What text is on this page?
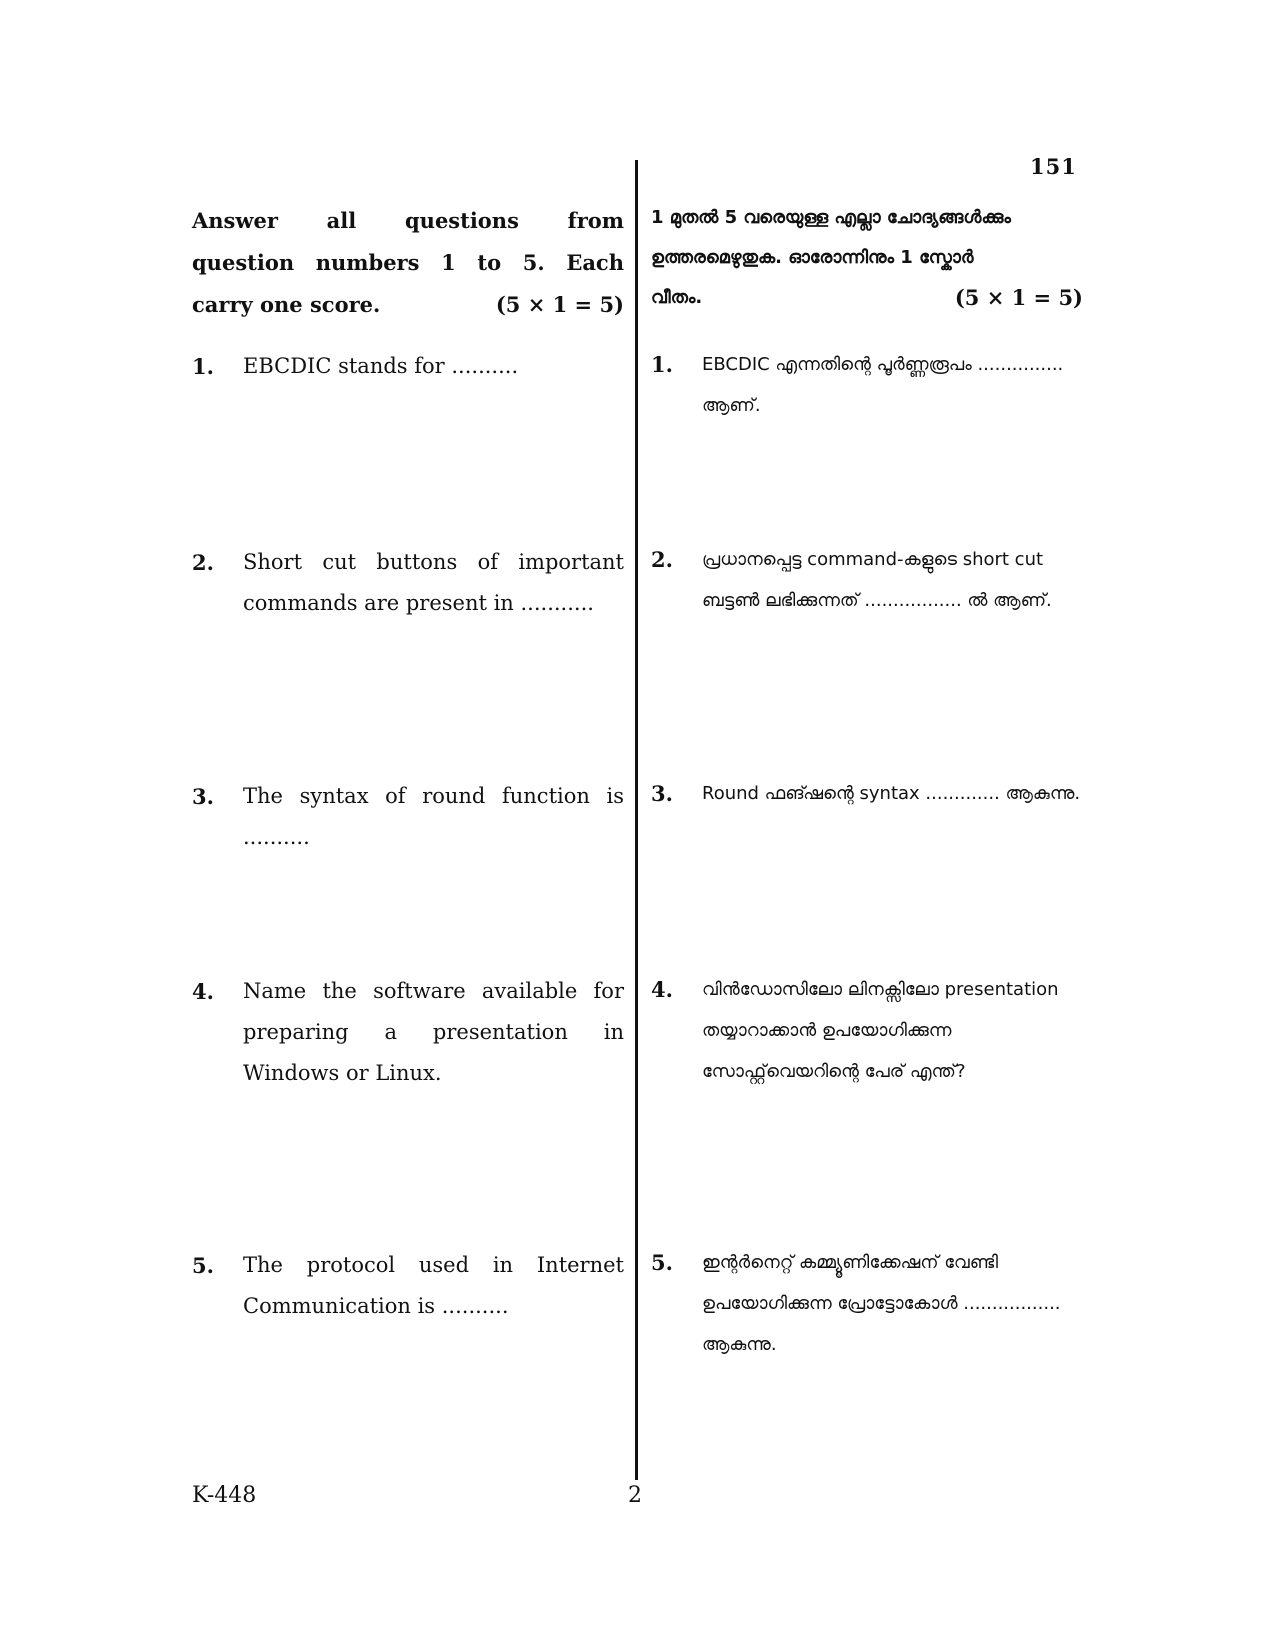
151
Answer all questions from
question numbers 1 to 5. Each
carry one score.	(5 × 1 = 5)
1. EBCDIC stands for ..........
2. Short cut buttons of important commands are present in ...........
3. The syntax of round function is ..........
4. Name the software available for preparing a presentation in Windows or Linux.
5. The protocol used in Internet Communication is ..........
1 മുതൽ 5 വരെയുള്ള എല്ലാ ചോദ്യങ്ങൾക്കും
ഉത്തരമെഴുതുക. ഓരോന്നിനും 1 സ്കോർ
വീതം.	(5 × 1 = 5)
1. EBCDIC എന്നതിന്റെ പൂർണ്ണരൂപം ............... ആണ്.
2. പ്രധാനപ്പെട്ട command-കളുടെ short cut ബട്ടൺ ലഭിക്കുന്നത് ................. ൽ ആണ്.
3. Round ഫങ്ഷന്റെ syntax ............. ആകുന്നു.
4. വിൻഡോസിലോ ലിനക്സിലോ presentation തയ്യാറാക്കാൻ ഉപയോഗിക്കുന്ന സോഫ്റ്റ്‌വെയറിന്റെ പേര് എന്ത്?
5. ഇന്റർനെറ്റ് കമ്മ്യൂണിക്കേഷന് വേണ്ടി ഉപയോഗിക്കുന്ന പ്രോട്ടോകോൾ ................. ആകുന്നു.
K-448	2
